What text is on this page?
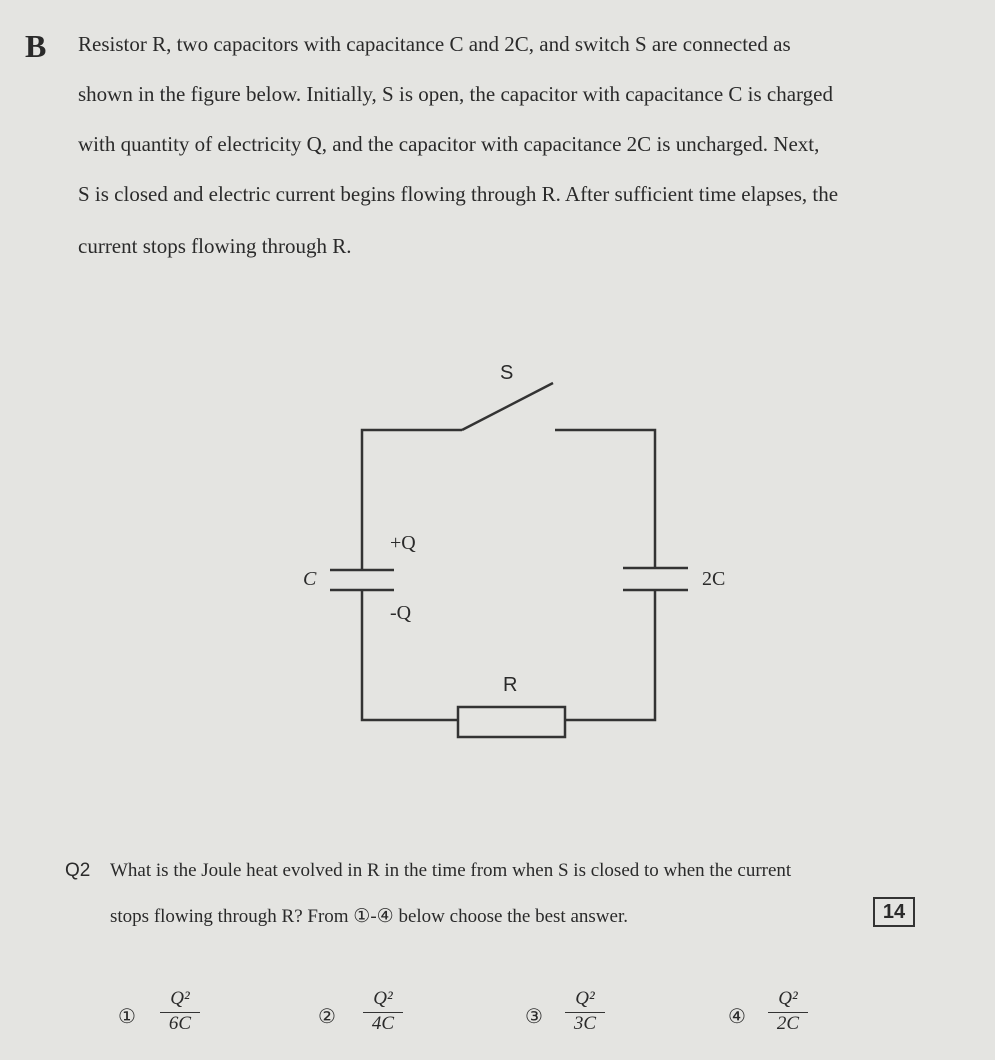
B Resistor R, two capacitors with capacitance C and 2C, and switch S are connected as
shown in the figure below. Initially, S is open, the capacitor with capacitance C is charged
with quantity of electricity Q, and the capacitor with capacitance 2C is uncharged. Next,
S is closed and electric current begins flowing through R. After sufficient time elapses, the
current stops flowing through R.
S
+Q
-Q
C	2C
R
Q2 What is the Joule heat evolved in R in the time from when S is closed to when the current
stops flowing through R? From ①-④ below choose the best answer.	14
① $\frac{\text{Q²}}{6C}$	② $\frac{\text{Q²}}{4C}$	③ $\frac{\text{Q²}}{3C}$	④ $\frac{\text{Q²}}{2C}$
